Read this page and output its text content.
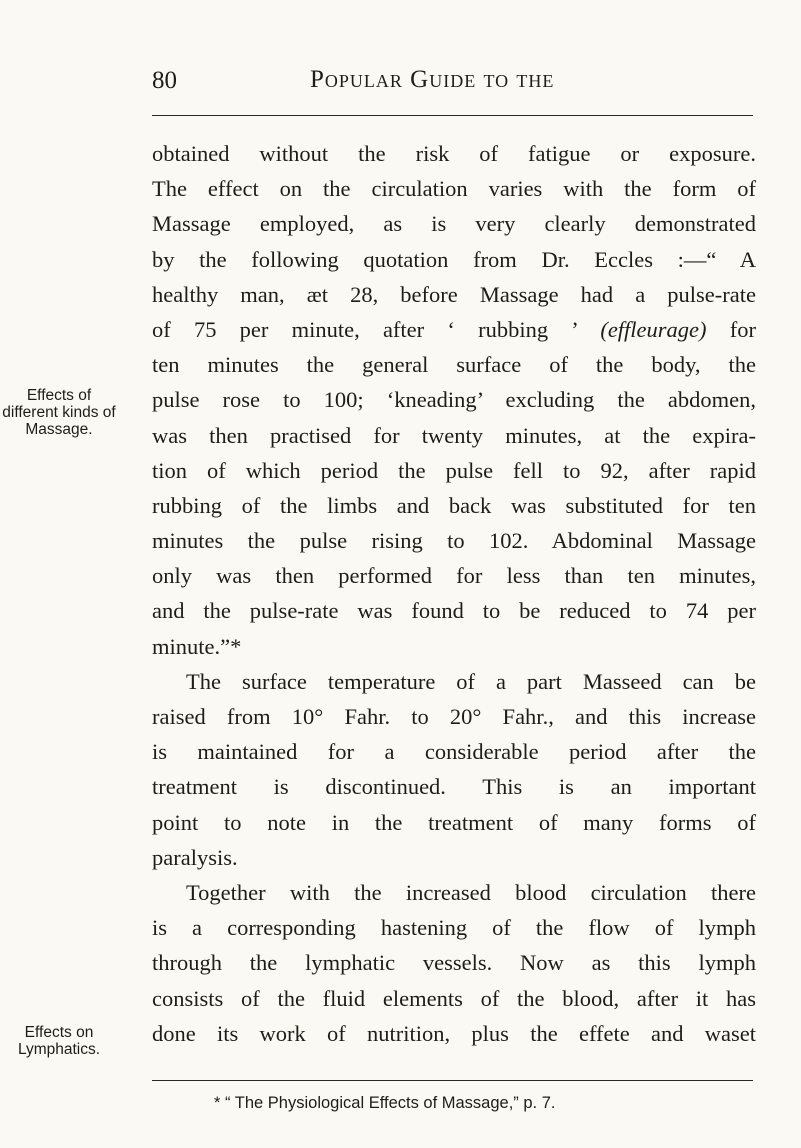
80	Popular Guide to the
Effects of different kinds of Massage.
Effects on Lymphatics.
obtained without the risk of fatigue or exposure.
The effect on the circulation varies with the form of
Massage employed, as is very clearly demonstrated
by the following quotation from Dr. Eccles :—“ A
healthy man, æt 28, before Massage had a pulse-rate
of 75 per minute, after ‘ rubbing ’ (effleurage) for
ten minutes the general surface of the body, the
pulse rose to 100; ‘kneading’ excluding the abdomen,
was then practised for twenty minutes, at the expira-
tion of which period the pulse fell to 92, after rapid
rubbing of the limbs and back was substituted for ten
minutes the pulse rising to 102. Abdominal Massage
only was then performed for less than ten minutes,
and the pulse-rate was found to be reduced to 74 per
minute.”*
The surface temperature of a part Masseed can be
raised from 10° Fahr. to 20° Fahr., and this increase
is maintained for a considerable period after the
treatment is discontinued. This is an important
point to note in the treatment of many forms of
paralysis.
Together with the increased blood circulation there
is a corresponding hastening of the flow of lymph
through the lymphatic vessels. Now as this lymph
consists of the fluid elements of the blood, after it has
done its work of nutrition, plus the effete and waset
* “ The Physiological Effects of Massage,” p. 7.
